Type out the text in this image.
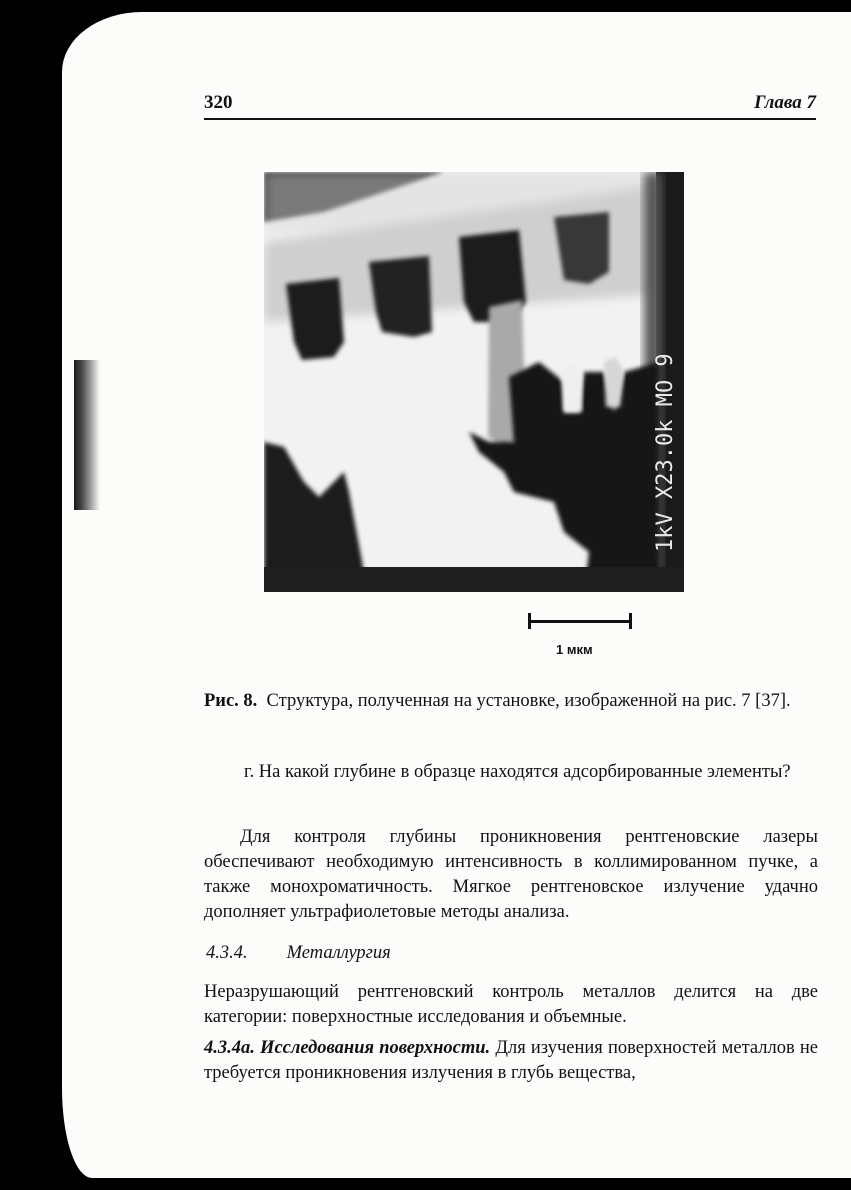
320	Глава 7
1kV X23.0k MO 9
1 мкм
Рис. 8. Структура, полученная на установке, изображенной на рис. 7 [37].
г. На какой глубине в образце находятся адсорбированные элементы?
Для контроля глубины проникновения рентгеновские лазеры обеспечивают необходимую интенсивность в коллимированном пучке, а также монохроматичность. Мягкое рентгеновское излучение удачно дополняет ультрафиолетовые методы анализа.
4.3.4. Металлургия
Неразрушающий рентгеновский контроль металлов делится на две категории: поверхностные исследования и объемные.
4.3.4а. Исследования поверхности. Для изучения поверхностей металлов не требуется проникновения излучения в глубь вещества,
